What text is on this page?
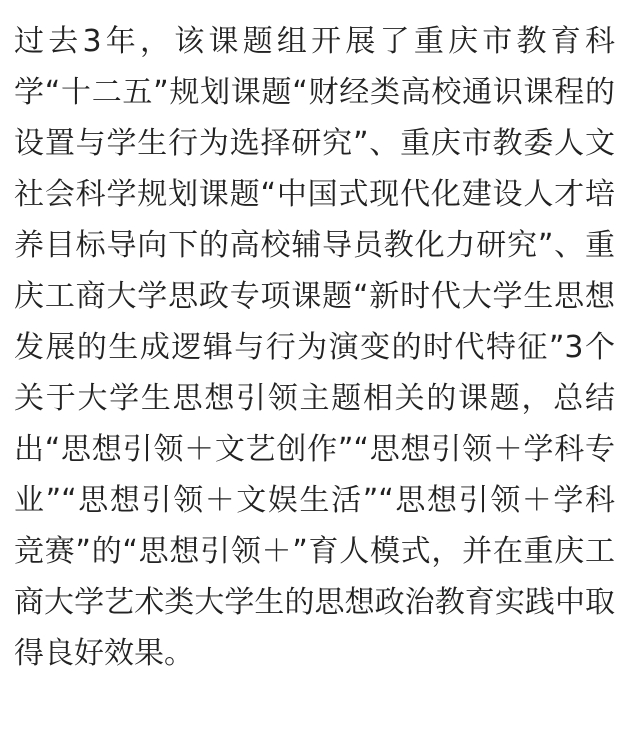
过去3年，该课题组开展了重庆市教育科学“十二五”规划课题“财经类高校通识课程的设置与学生行为选择研究”、重庆市教委人文社会科学规划课题“中国式现代化建设人才培养目标导向下的高校辅导员教化力研究”、重庆工商大学思政专项课题“新时代大学生思想发展的生成逻辑与行为演变的时代特征”3个关于大学生思想引领主题相关的课题，总结出“思想引领＋文艺创作”“思想引领＋学科专业”“思想引领＋文娱生活”“思想引领＋学科竞赛”的“思想引领＋”育人模式，并在重庆工商大学艺术类大学生的思想政治教育实践中取得良好效果。
